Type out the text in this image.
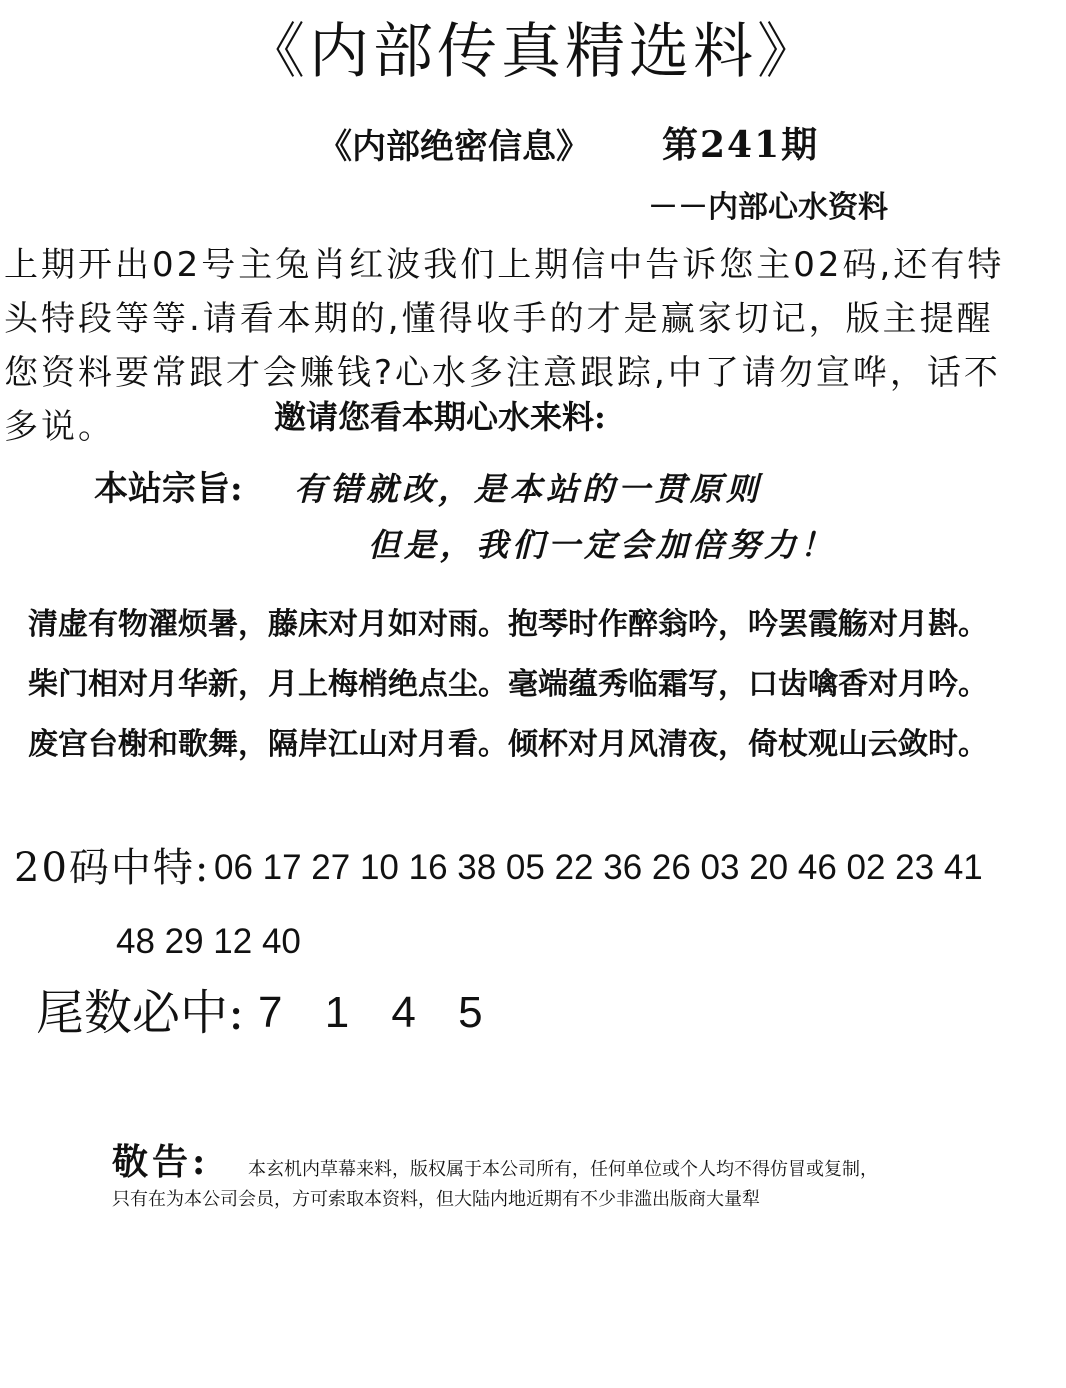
《内部传真精选料》
《内部绝密信息》 第241期
－－内部心水资料
上期开出02号主兔肖红波我们上期信中告诉您主02码,还有特
头特段等等.请看本期的,懂得收手的才是赢家切记，版主提醒
您资料要常跟才会赚钱?心水多注意跟踪,中了请勿宣哗，话不
多说。	邀请您看本期心水来料:
本站宗旨: 有错就改，是本站的一贯原则
但是，我们一定会加倍努力！
清虚有物濯烦暑，藤床对月如对雨。抱琴时作醉翁吟，吟罢霞觞对月斟。
柴门相对月华新，月上梅梢绝点尘。毫端蕴秀临霜写，口齿噙香对月吟。
废宫台榭和歌舞，隔岸江山对月看。倾杯对月风清夜，倚杖观山云敛时。
20码中特: 06 17 27 10 16 38 05 22 36 26 03 20 46 02 23 41
48 29 12 40
尾数必中: 7 1 4 5
敬告: 本玄机内草幕来料，版权属于本公司所有，任何单位或个人均不得仿冒或复制，
只有在为本公司会员，方可索取本资料，但大陆内地近期有不少非滥出版商大量犁
